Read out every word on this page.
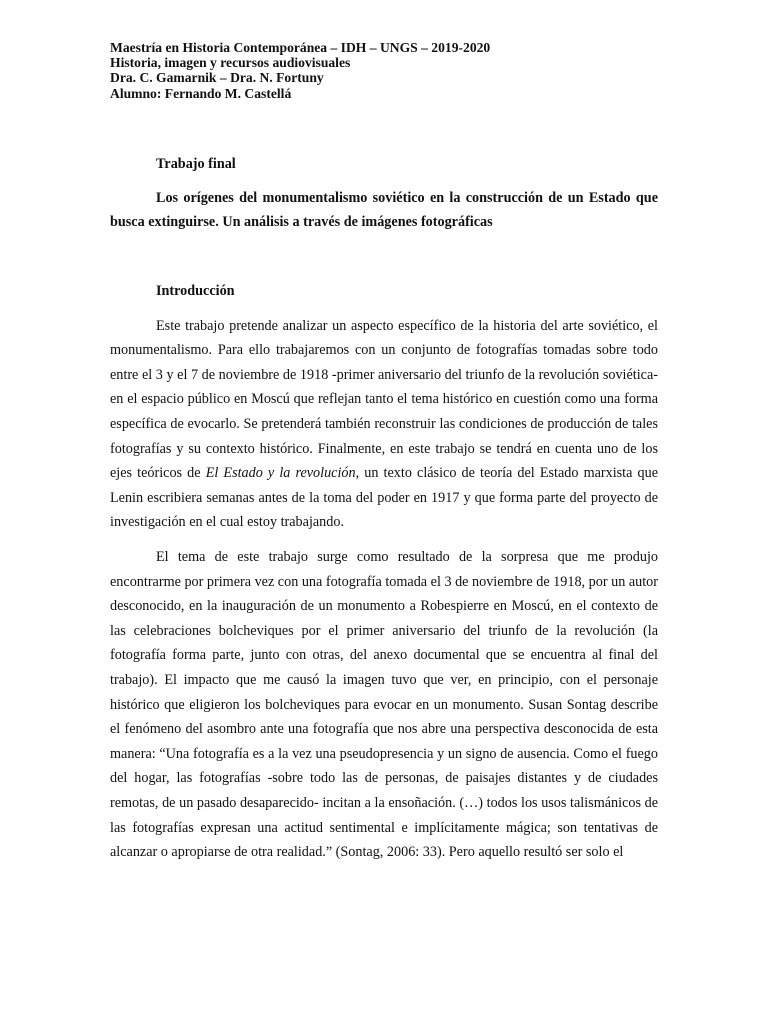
Maestría en Historia Contemporánea – IDH – UNGS – 2019-2020
Historia, imagen y recursos audiovisuales
Dra. C. Gamarnik – Dra. N. Fortuny
Alumno: Fernando M. Castellá

Trabajo final

Los orígenes del monumentalismo soviético en la construcción de un Estado que busca extinguirse. Un análisis a través de imágenes fotográficas

Introducción

Este trabajo pretende analizar un aspecto específico de la historia del arte soviético, el monumentalismo. Para ello trabajaremos con un conjunto de fotografías tomadas sobre todo entre el 3 y el 7 de noviembre de 1918 -primer aniversario del triunfo de la revolución soviética- en el espacio público en Moscú que reflejan tanto el tema histórico en cuestión como una forma específica de evocarlo. Se pretenderá también reconstruir las condiciones de producción de tales fotografías y su contexto histórico. Finalmente, en este trabajo se tendrá en cuenta uno de los ejes teóricos de El Estado y la revolución, un texto clásico de teoría del Estado marxista que Lenin escribiera semanas antes de la toma del poder en 1917 y que forma parte del proyecto de investigación en el cual estoy trabajando.

El tema de este trabajo surge como resultado de la sorpresa que me produjo encontrarme por primera vez con una fotografía tomada el 3 de noviembre de 1918, por un autor desconocido, en la inauguración de un monumento a Robespierre en Moscú, en el contexto de las celebraciones bolcheviques por el primer aniversario del triunfo de la revolución (la fotografía forma parte, junto con otras, del anexo documental que se encuentra al final del trabajo). El impacto que me causó la imagen tuvo que ver, en principio, con el personaje histórico que eligieron los bolcheviques para evocar en un monumento. Susan Sontag describe el fenómeno del asombro ante una fotografía que nos abre una perspectiva desconocida de esta manera: “Una fotografía es a la vez una pseudopresencia y un signo de ausencia. Como el fuego del hogar, las fotografías -sobre todo las de personas, de paisajes distantes y de ciudades remotas, de un pasado desaparecido- incitan a la ensoñación. (…) todos los usos talismánicos de las fotografías expresan una actitud sentimental e implícitamente mágica; son tentativas de alcanzar o apropiarse de otra realidad.” (Sontag, 2006: 33). Pero aquello resultó ser solo el
